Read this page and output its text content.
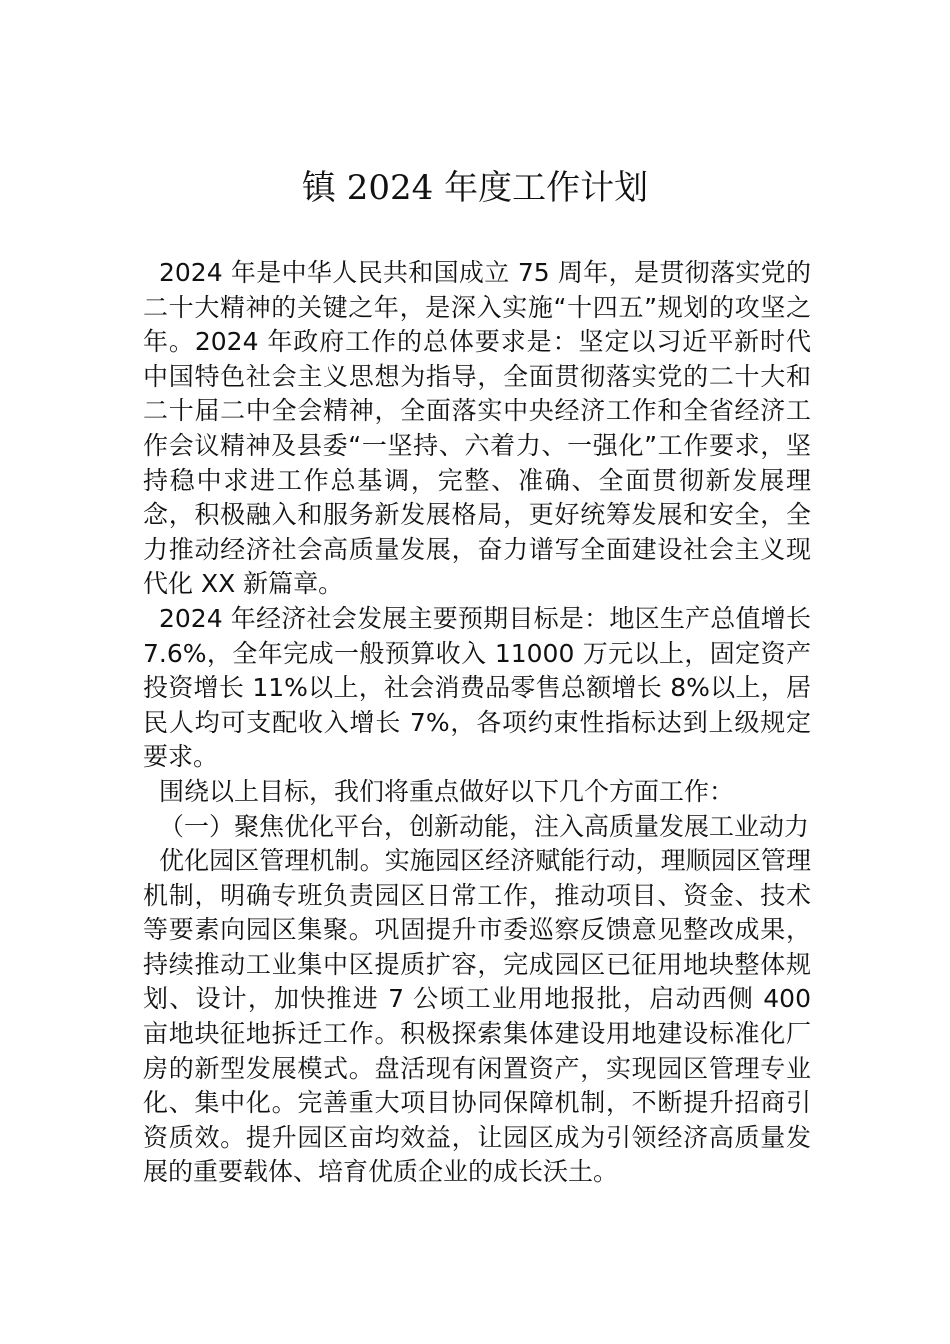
镇 2024 年度工作计划

2024 年是中华人民共和国成立 75 周年，是贯彻落实党的二十大精神的关键之年，是深入实施“十四五”规划的攻坚之年。2024 年政府工作的总体要求是：坚定以习近平新时代中国特色社会主义思想为指导，全面贯彻落实党的二十大和二十届二中全会精神，全面落实中央经济工作和全省经济工作会议精神及县委“一坚持、六着力、一强化”工作要求，坚持稳中求进工作总基调，完整、准确、全面贯彻新发展理念，积极融入和服务新发展格局，更好统筹发展和安全，全力推动经济社会高质量发展，奋力谱写全面建设社会主义现代化 XX 新篇章。

2024 年经济社会发展主要预期目标是：地区生产总值增长 7.6%，全年完成一般预算收入 11000 万元以上，固定资产投资增长 11%以上，社会消费品零售总额增长 8%以上，居民人均可支配收入增长 7%，各项约束性指标达到上级规定要求。

围绕以上目标，我们将重点做好以下几个方面工作：

（一）聚焦优化平台，创新动能，注入高质量发展工业动力

优化园区管理机制。实施园区经济赋能行动，理顺园区管理机制，明确专班负责园区日常工作，推动项目、资金、技术等要素向园区集聚。巩固提升市委巡察反馈意见整改成果，持续推动工业集中区提质扩容，完成园区已征用地块整体规划、设计，加快推进 7 公顷工业用地报批，启动西侧 400 亩地块征地拆迁工作。积极探索集体建设用地建设标准化厂房的新型发展模式。盘活现有闲置资产，实现园区管理专业化、集中化。完善重大项目协同保障机制，不断提升招商引资质效。提升园区亩均效益，让园区成为引领经济高质量发展的重要载体、培育优质企业的成长沃土。
